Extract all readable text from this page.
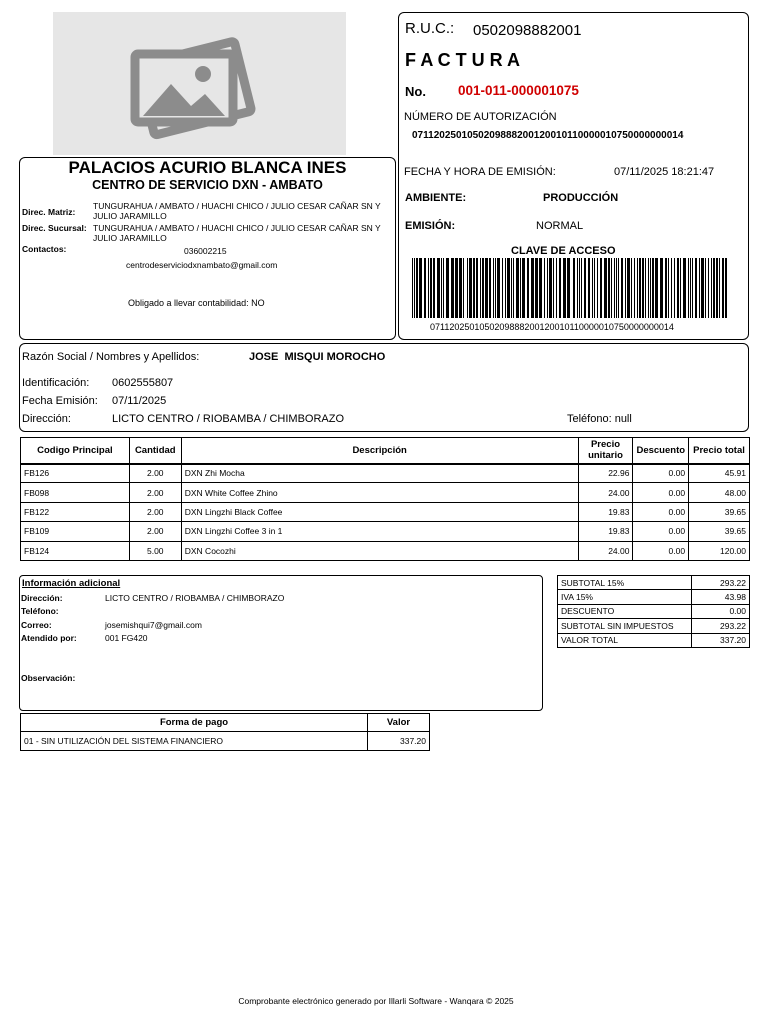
PALACIOS ACURIO BLANCA INES
CENTRO DE SERVICIO DXN - AMBATO
Direc. Matriz:
TUNGURAHUA / AMBATO / HUACHI CHICO / JULIO CESAR CAÑAR SN Y JULIO JARAMILLO
Direc. Sucursal: TUNGURAHUA / AMBATO / HUACHI CHICO / JULIO CESAR CAÑAR SN Y JULIO JARAMILLO
Contactos:	036002215
centrodeserviciodxnambato@gmail.com
Obligado a llevar contabilidad: NO
R.U.C.: 0502098882001
F A C T U R A
No. 001-011-000001075
NÚMERO DE AUTORIZACIÓN
0711202501050209888200120010110000010750000000014
FECHA Y HORA DE EMISIÓN:	07/11/2025 18:21:47
AMBIENTE:	PRODUCCIÓN
EMISIÓN:	NORMAL
CLAVE DE ACCESO
0711202501050209888200120010110000010750000000014
Razón Social / Nombres y Apellidos:	JOSE  MISQUI MOROCHO
Identificación: 0602555807
Fecha Emisión: 07/11/2025
Dirección:	LICTO CENTRO / RIOBAMBA / CHIMBORAZO	Teléfono: null
Codigo Principal	Cantidad	Descripción	Precio unitario	Descuento	Precio total
FB126	2.00	DXN Zhi Mocha	22.96	0.00	45.91
FB098	2.00	DXN White Coffee Zhino	24.00	0.00	48.00
FB122	2.00	DXN Lingzhi Black Coffee	19.83	0.00	39.65
FB109	2.00	DXN Lingzhi Coffee 3 in 1	19.83	0.00	39.65
FB124	5.00	DXN Cocozhi	24.00	0.00	120.00
Información adicional
Dirección:	LICTO CENTRO / RIOBAMBA / CHIMBORAZO
Teléfono:
Correo:	josemishqui7@gmail.com
Atendido por:	001 FG420
Observación:
SUBTOTAL 15%	293.22
IVA 15%	43.98
DESCUENTO	0.00
SUBTOTAL SIN IMPUESTOS	293.22
VALOR TOTAL	337.20
Forma de pago	Valor
01 - SIN UTILIZACIÓN DEL SISTEMA FINANCIERO	337.20
Comprobante electrónico generado por Illarli Software - Wanqara © 2025
